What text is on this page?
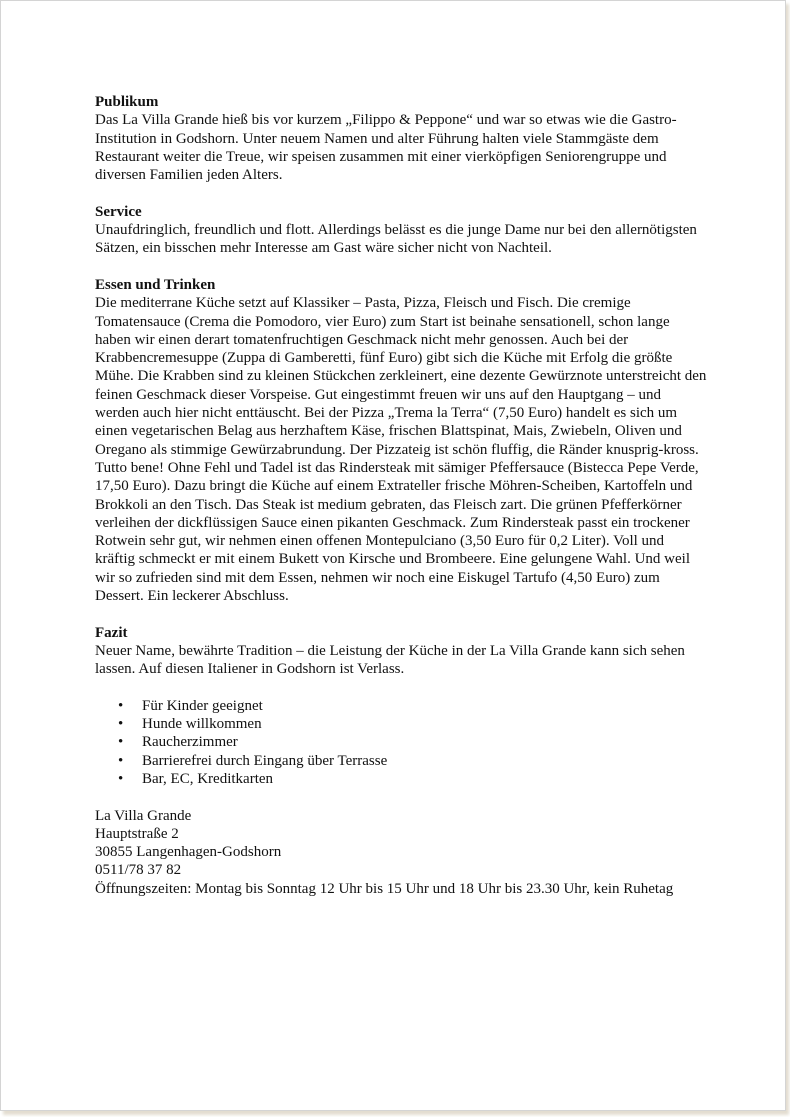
Publikum

Das La Villa Grande hieß bis vor kurzem „Filippo & Peppone“ und war so etwas wie die Gastro-Institution in Godshorn. Unter neuem Namen und alter Führung halten viele Stammgäste dem Restaurant weiter die Treue, wir speisen zusammen mit einer vierköpfigen Seniorengruppe und diversen Familien jeden Alters.

Service

Unaufdringlich, freundlich und flott. Allerdings belässt es die junge Dame nur bei den allernötigsten Sätzen, ein bisschen mehr Interesse am Gast wäre sicher nicht von Nachteil.

Essen und Trinken

Die mediterrane Küche setzt auf Klassiker – Pasta, Pizza, Fleisch und Fisch. Die cremige Tomatensauce (Crema die Pomodoro, vier Euro) zum Start ist beinahe sensationell, schon lange haben wir einen derart tomatenfruchtigen Geschmack nicht mehr genossen. Auch bei der Krabbencremesuppe (Zuppa di Gamberetti, fünf Euro) gibt sich die Küche mit Erfolg die größte Mühe. Die Krabben sind zu kleinen Stückchen zerkleinert, eine dezente Gewürznote unterstreicht den feinen Geschmack dieser Vorspeise. Gut eingestimmt freuen wir uns auf den Hauptgang – und werden auch hier nicht enttäuscht. Bei der Pizza „Trema la Terra“ (7,50 Euro) handelt es sich um einen vegetarischen Belag aus herzhaftem Käse, frischen Blattspinat, Mais, Zwiebeln, Oliven und Oregano als stimmige Gewürzabrundung. Der Pizzateig ist schön fluffig, die Ränder knusprig-kross. Tutto bene! Ohne Fehl und Tadel ist das Rindersteak mit sämiger Pfeffersauce (Bistecca Pepe Verde, 17,50 Euro). Dazu bringt die Küche auf einem Extrateller frische Möhren-Scheiben, Kartoffeln und Brokkoli an den Tisch. Das Steak ist medium gebraten, das Fleisch zart. Die grünen Pfefferkörner verleihen der dickflüssigen Sauce einen pikanten Geschmack. Zum Rindersteak passt ein trockener Rotwein sehr gut, wir nehmen einen offenen Montepulciano (3,50 Euro für 0,2 Liter). Voll und kräftig schmeckt er mit einem Bukett von Kirsche und Brombeere. Eine gelungene Wahl. Und weil wir so zufrieden sind mit dem Essen, nehmen wir noch eine Eiskugel Tartufo (4,50 Euro) zum Dessert. Ein leckerer Abschluss.

Fazit

Neuer Name, bewährte Tradition – die Leistung der Küche in der La Villa Grande kann sich sehen lassen. Auf diesen Italiener in Godshorn ist Verlass.

• Für Kinder geeignet
• Hunde willkommen
• Raucherzimmer
• Barrierefrei durch Eingang über Terrasse
• Bar, EC, Kreditkarten

La Villa Grande

Hauptstraße 2

30855 Langenhagen-Godshorn

0511/78 37 82

Öffnungszeiten: Montag bis Sonntag 12 Uhr bis 15 Uhr und 18 Uhr bis 23.30 Uhr, kein Ruhetag
